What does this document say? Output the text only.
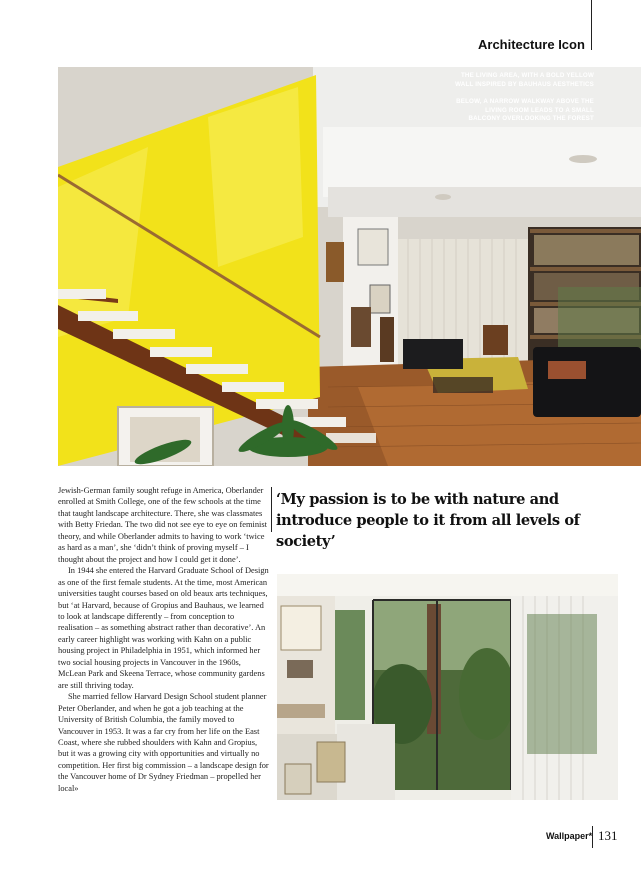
Architecture Icon
THE LIVING AREA, WITH A BOLD YELLOW WALL INSPIRED BY BAUHAUS AESTHETICS
BELOW, A NARROW WALKWAY ABOVE THE LIVING ROOM LEADS TO A SMALL BALCONY OVERLOOKING THE FOREST

Jewish-German family sought refuge in America, Oberlander enrolled at Smith College, one of the few schools at the time that taught landscape architecture. There, she was classmates with Betty Friedan. The two did not see eye to eye on feminist theory, and while Oberlander admits to having to work ‘twice as hard as a man’, she ‘didn’t think of proving myself – I thought about the project and how I could get it done’.

In 1944 she entered the Harvard Graduate School of Design as one of the first female students. At the time, most American universities taught courses based on old beaux arts techniques, but ‘at Harvard, because of Gropius and Bauhaus, we learned to look at landscape differently – from conception to realisation – as something abstract rather than decorative’. An early career highlight was working with Kahn on a public housing project in Philadelphia in 1951, which informed her two social housing projects in Vancouver in the 1960s, McLean Park and Skeena Terrace, whose community gardens are still thriving today.

She married fellow Harvard Design School student planner Peter Oberlander, and when he got a job teaching at the University of British Columbia, the family moved to Vancouver in 1953. It was a far cry from her life on the East Coast, where she rubbed shoulders with Kahn and Gropius, but it was a growing city with opportunities and virtually no competition. Her first big commission – a landscape design for the Vancouver home of Dr Sydney Friedman – propelled her local»

‘My passion is to be with nature and introduce people to it from all levels of society’
Wallpaper* 131
